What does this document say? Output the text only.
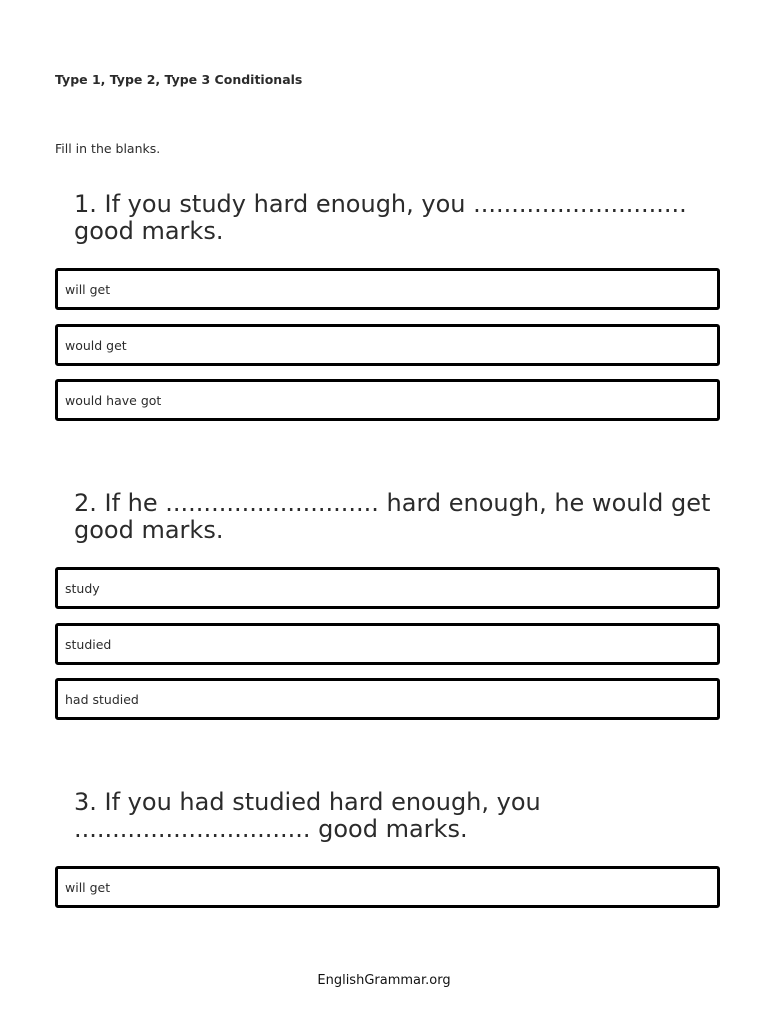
Type 1, Type 2, Type 3 Conditionals
Fill in the blanks.
1. If you study hard enough, you ............................ good marks.
will get
would get
would have got
2. If he ............................ hard enough, he would get good marks.
study
studied
had studied
3. If you had studied hard enough, you ............................... good marks.
will get
EnglishGrammar.org
